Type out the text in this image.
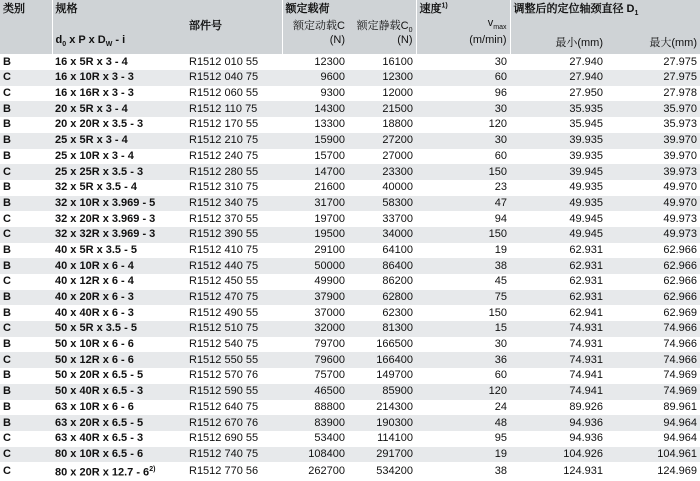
类别	规格		额定载荷		速度$^{1)}$	调整后的定位轴颈直径 $D_1$
		部件号	额定动载C	额定静载$C_0$	$v_{max}$		
	$d_0$ x P x $D_W$ - i		(N)	(N)	(m/min)	最小(mm)	最大(mm)

B	16 x 5R x 3 - 4	R1512 010 55	12300	16100	30	27.940	27.975
C	16 x 10R x 3 - 3	R1512 040 75	9600	12300	60	27.940	27.975
C	16 x 16R x 3 - 3	R1512 060 55	9300	12000	96	27.950	27.978
B	20 x 5R x 3 - 4	R1512 110 75	14300	21500	30	35.935	35.970
B	20 x 20R x 3.5 - 3	R1512 170 55	13300	18800	120	35.945	35.973
B	25 x 5R x 3 - 4	R1512 210 75	15900	27200	30	39.935	39.970
B	25 x 10R x 3 - 4	R1512 240 75	15700	27000	60	39.935	39.970
C	25 x 25R x 3.5 - 3	R1512 280 55	14700	23300	150	39.945	39.973
B	32 x 5R x 3.5 - 4	R1512 310 75	21600	40000	23	49.935	49.970
B	32 x 10R x 3.969 - 5	R1512 340 75	31700	58300	47	49.935	49.970
C	32 x 20R x 3.969 - 3	R1512 370 55	19700	33700	94	49.945	49.973
C	32 x 32R x 3.969 - 3	R1512 390 55	19500	34000	150	49.945	49.973
B	40 x 5R x 3.5 - 5	R1512 410 75	29100	64100	19	62.931	62.966
B	40 x 10R x 6 - 4	R1512 440 75	50000	86400	38	62.931	62.966
C	40 x 12R x 6 - 4	R1512 450 55	49900	86200	45	62.931	62.966
B	40 x 20R x 6 - 3	R1512 470 75	37900	62800	75	62.931	62.966
B	40 x 40R x 6 - 3	R1512 490 55	37000	62300	150	62.941	62.969
C	50 x 5R x 3.5 - 5	R1512 510 75	32000	81300	15	74.931	74.966
B	50 x 10R x 6 - 6	R1512 540 75	79700	166500	30	74.931	74.966
C	50 x 12R x 6 - 6	R1512 550 55	79600	166400	36	74.931	74.966
B	50 x 20R x 6.5 - 5	R1512 570 76	75700	149700	60	74.941	74.969
B	50 x 40R x 6.5 - 3	R1512 590 55	46500	85900	120	74.941	74.969
B	63 x 10R x 6 - 6	R1512 640 75	88800	214300	24	89.926	89.961
B	63 x 20R x 6.5 - 5	R1512 670 76	83900	190300	48	94.936	94.964
C	63 x 40R x 6.5 - 3	R1512 690 55	53400	114100	95	94.936	94.964
C	80 x 10R x 6.5 - 6	R1512 740 75	108400	291700	19	104.926	104.961
C	80 x 20R x 12.7 - 6$^{2)}$	R1512 770 56	262700	534200	38	124.931	124.969
